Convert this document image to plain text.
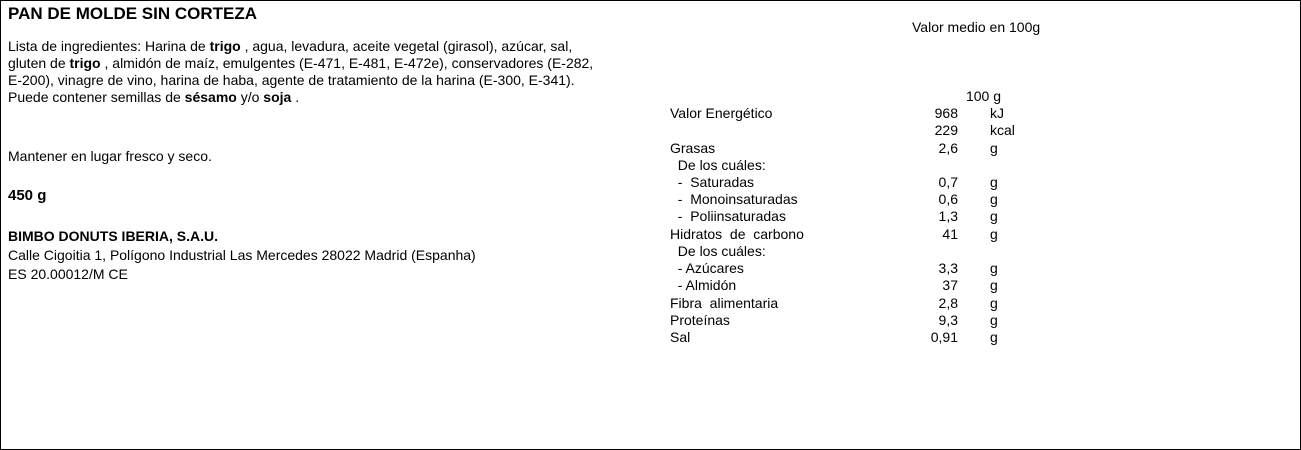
PAN DE MOLDE SIN CORTEZA
Lista de ingredientes: Harina de trigo , agua, levadura, aceite vegetal (girasol), azúcar, sal,
gluten de trigo , almidón de maíz, emulgentes (E-471, E-481, E-472e), conservadores (E-282,
E-200), vinagre de vino, harina de haba, agente de tratamiento de la harina (E-300, E-341).
Puede contener semillas de sésamo y/o soja .
Mantener en lugar fresco y seco.
450 g
BIMBO DONUTS IBERIA, S.A.U.
Calle Cigoitia 1, Polígono Industrial Las Mercedes 28022 Madrid (Espanha)
ES 20.00012/M CE
Valor medio en 100g
100 g
Valor Energético	968 kJ
229 kcal
Grasas	2,6 g
De los cuáles:
-  Saturadas	0,7 g
-  Monoinsaturadas	0,6 g
-  Poliinsaturadas	1,3 g
Hidratos  de  carbono	41 g
De los cuáles:
- Azúcares	3,3 g
- Almidón	37 g
Fibra  alimentaria	2,8 g
Proteínas	9,3 g
Sal	0,91 g
